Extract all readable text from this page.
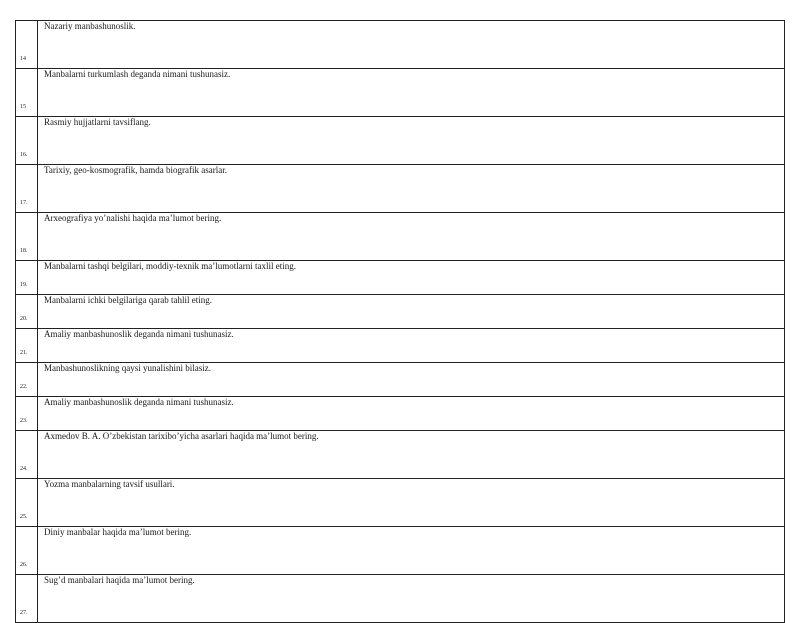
14	Nazariy manbashunoslik.
15	Manbalarni turkumlash deganda nimani tushunasiz.
16.	Rasmiy hujjatlarni tavsiflang.
17.	Tarixiy, geo-kosmografik, hamda biografik asarlar.
18.	Arxeografiya yo’nalishi haqida ma’lumot bering.
19.	Manbalarni tashqi belgilari, moddiy-texnik ma’lumotlarni taxlil eting.
20.	Manbalarni ichki belgilariga qarab tahlil eting.
21.	Amaliy manbashunoslik deganda nimani tushunasiz.
22.	Manbashunoslikning qaysi yunalishini bilasiz.
23.	Amaliy manbashunoslik deganda nimani tushunasiz.
24.	Axmedov B. A. O’zbekistan tarixibo’yicha asarlari haqida ma’lumot bering.
25.	Yozma manbalarning tavsif usullari.
26.	Diniy manbalar haqida ma’lumot bering.
27.	Sug’d manbalari haqida ma’lumot bering.
